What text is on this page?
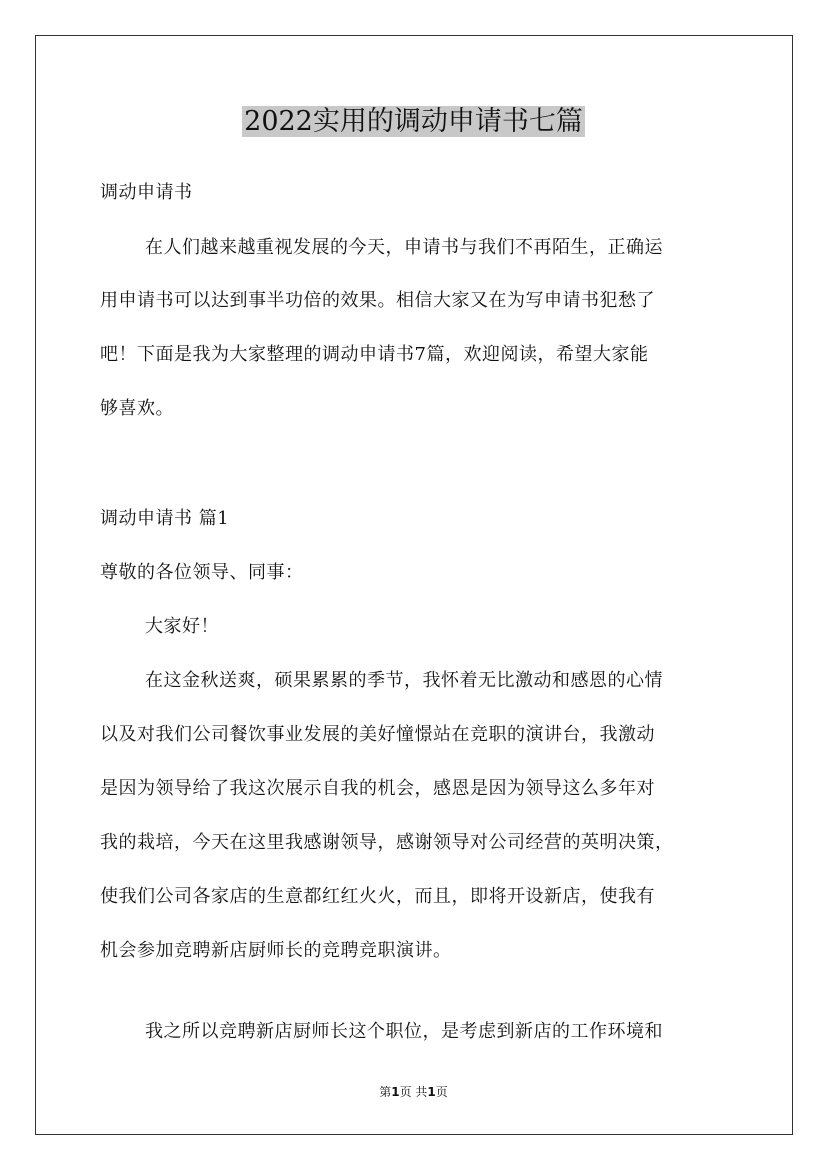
2022实用的调动申请书七篇
调动申请书
在人们越来越重视发展的今天，申请书与我们不再陌生，正确运
用申请书可以达到事半功倍的效果。相信大家又在为写申请书犯愁了
吧！下面是我为大家整理的调动申请书7篇，欢迎阅读，希望大家能
够喜欢。
调动申请书 篇1
尊敬的各位领导、同事：
大家好！
在这金秋送爽，硕果累累的季节，我怀着无比激动和感恩的心情
以及对我们公司餐饮事业发展的美好憧憬站在竞职的演讲台，我激动
是因为领导给了我这次展示自我的机会，感恩是因为领导这么多年对
我的栽培，今天在这里我感谢领导，感谢领导对公司经营的英明决策，
使我们公司各家店的生意都红红火火，而且，即将开设新店，使我有
机会参加竞聘新店厨师长的竞聘竞职演讲。
我之所以竞聘新店厨师长这个职位，是考虑到新店的工作环境和
第1页 共1页
